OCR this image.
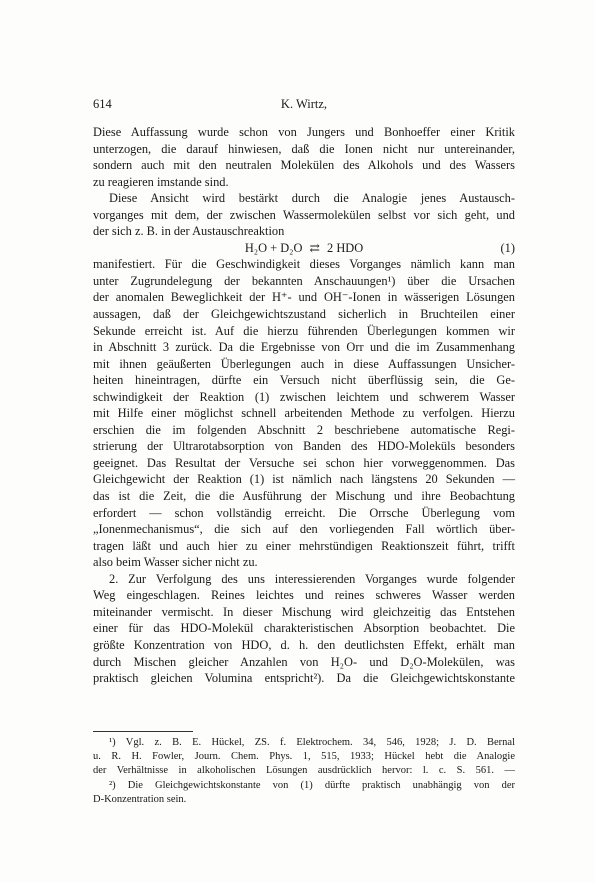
614	K. Wirtz,
Diese Auffassung wurde schon von Jungers und Bonhoeffer einer Kritik
unterzogen, die darauf hinwiesen, daß die Ionen nicht nur untereinander,
sondern auch mit den neutralen Molekülen des Alkohols und des Wassers
zu reagieren imstande sind.
Diese Ansicht wird bestärkt durch die Analogie jenes Austausch-
vorganges mit dem, der zwischen Wassermolekülen selbst vor sich geht, und
der sich z. B. in der Austauschreaktion
H₂O + D₂O ⇄ 2 HDO	(1)
manifestiert. Für die Geschwindigkeit dieses Vorganges nämlich kann man
unter Zugrundelegung der bekannten Anschauungen¹) über die Ursachen
der anomalen Beweglichkeit der H⁺- und OH⁻-Ionen in wässerigen Lösungen
aussagen, daß der Gleichgewichtszustand sicherlich in Bruchteilen einer
Sekunde erreicht ist. Auf die hierzu führenden Überlegungen kommen wir
in Abschnitt 3 zurück. Da die Ergebnisse von Orr und die im Zusammenhang
mit ihnen geäußerten Überlegungen auch in diese Auffassungen Unsicher-
heiten hineintragen, dürfte ein Versuch nicht überflüssig sein, die Ge-
schwindigkeit der Reaktion (1) zwischen leichtem und schwerem Wasser
mit Hilfe einer möglichst schnell arbeitenden Methode zu verfolgen. Hierzu
erschien die im folgenden Abschnitt 2 beschriebene automatische Regi-
strierung der Ultrarotabsorption von Banden des HDO-Moleküls besonders
geeignet. Das Resultat der Versuche sei schon hier vorweggenommen. Das
Gleichgewicht der Reaktion (1) ist nämlich nach längstens 20 Sekunden —
das ist die Zeit, die die Ausführung der Mischung und ihre Beobachtung
erfordert — schon vollständig erreicht. Die Orrsche Überlegung vom
„Ionenmechanismus“, die sich auf den vorliegenden Fall wörtlich über-
tragen läßt und auch hier zu einer mehrstündigen Reaktionszeit führt, trifft
also beim Wasser sicher nicht zu.
2. Zur Verfolgung des uns interessierenden Vorganges wurde folgender
Weg eingeschlagen. Reines leichtes und reines schweres Wasser werden
miteinander vermischt. In dieser Mischung wird gleichzeitig das Entstehen
einer für das HDO-Molekül charakteristischen Absorption beobachtet. Die
größte Konzentration von HDO, d. h. den deutlichsten Effekt, erhält man
durch Mischen gleicher Anzahlen von H₂O- und D₂O-Molekülen, was
praktisch gleichen Volumina entspricht²). Da die Gleichgewichtskonstante
¹) Vgl. z. B. E. Hückel, ZS. f. Elektrochem. 34, 546, 1928; J. D. Bernal
u. R. H. Fowler, Journ. Chem. Phys. 1, 515, 1933; Hückel hebt die Analogie
der Verhältnisse in alkoholischen Lösungen ausdrücklich hervor: l. c. S. 561. —
²) Die Gleichgewichtskonstante von (1) dürfte praktisch unabhängig von der
D-Konzentration sein.
